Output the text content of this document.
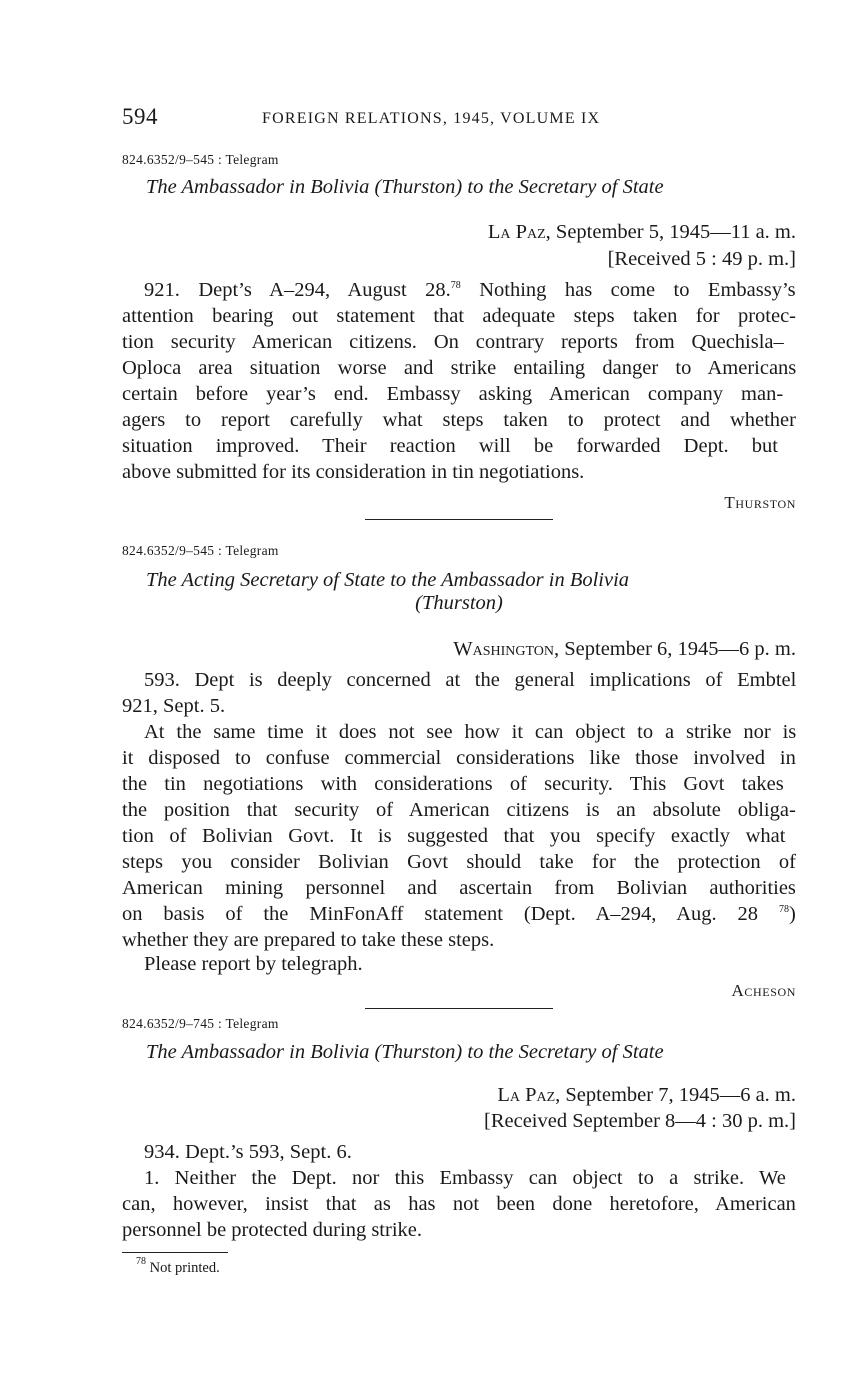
594	FOREIGN RELATIONS, 1945, VOLUME IX
824.6352/9–545 : Telegram
The Ambassador in Bolivia (Thurston) to the Secretary of State
La Paz, September 5, 1945—11 a. m.
[Received 5 : 49 p. m.]
921. Dept’s A–294, August 28.78 Nothing has come to Embassy’s
attention bearing out statement that adequate steps taken for protec-
tion security American citizens. On contrary reports from Quechisla–
Oploca area situation worse and strike entailing danger to Americans
certain before year’s end. Embassy asking American company man-
agers to report carefully what steps taken to protect and whether
situation improved. Their reaction will be forwarded Dept. but
above submitted for its consideration in tin negotiations.
Thurston
824.6352/9–545 : Telegram
The Acting Secretary of State to the Ambassador in Bolivia
(Thurston)
Washington, September 6, 1945—6 p. m.
593. Dept is deeply concerned at the general implications of Embtel
921, Sept. 5.
At the same time it does not see how it can object to a strike nor is
it disposed to confuse commercial considerations like those involved in
the tin negotiations with considerations of security. This Govt takes
the position that security of American citizens is an absolute obliga-
tion of Bolivian Govt. It is suggested that you specify exactly what
steps you consider Bolivian Govt should take for the protection of
American mining personnel and ascertain from Bolivian authorities
on basis of the MinFonAff statement (Dept. A–294, Aug. 28 $^{78}$)
whether they are prepared to take these steps.
Please report by telegraph.
Acheson
824.6352/9–745 : Telegram
The Ambassador in Bolivia (Thurston) to the Secretary of State
La Paz, September 7, 1945—6 a. m.
[Received September 8—4 : 30 p. m.]
934. Dept.’s 593, Sept. 6.
1. Neither the Dept. nor this Embassy can object to a strike. We
can, however, insist that as has not been done heretofore, American
personnel be protected during strike.
$^{78}$ Not printed.
